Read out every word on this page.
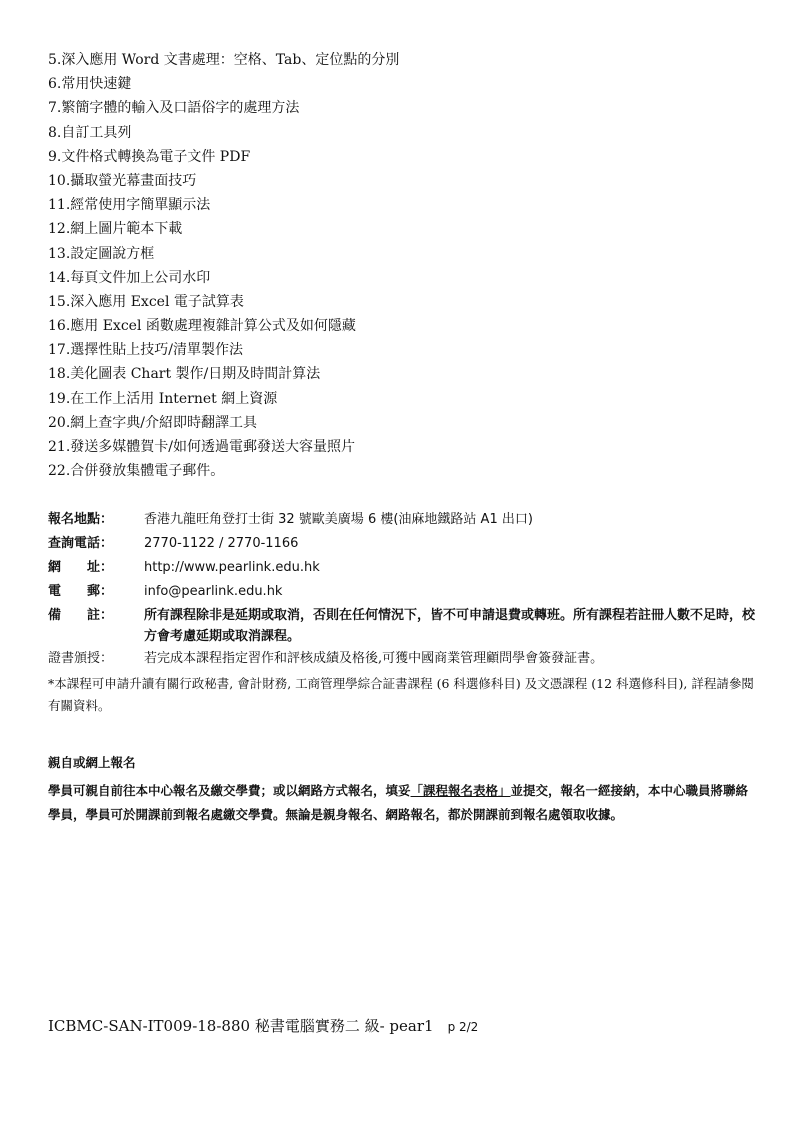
5.深入應用 Word 文書處理：空格、Tab、定位點的分別
6.常用快速鍵
7.繁簡字體的輸入及口語俗字的處理方法
8.自訂工具列
9.文件格式轉換為電子文件 PDF
10.攝取螢光幕畫面技巧
11.經常使用字簡單顯示法
12.網上圖片範本下載
13.設定圖說方框
14.每頁文件加上公司水印
15.深入應用 Excel 電子試算表
16.應用 Excel 函數處理複雜計算公式及如何隱藏
17.選擇性貼上技巧/清單製作法
18.美化圖表 Chart 製作/日期及時間計算法
19.在工作上活用 Internet 網上資源
20.網上查字典/介紹即時翻譯工具
21.發送多媒體賀卡/如何透過電郵發送大容量照片
22.合併發放集體電子郵件。
報名地點：	香港九龍旺角登打士街 32 號歐美廣場 6 樓(油麻地鐵路站 A1 出口)
查詢電話：	2770-1122 / 2770-1166
網　　址：	http://www.pearlink.edu.hk
電　　郵：	info@pearlink.edu.hk
備　　註：	所有課程除非是延期或取消，否則在任何情況下，皆不可申請退費或轉班。所有課程若註冊人數不足時，校方會考慮延期或取消課程。
證書頒授：	若完成本課程指定習作和評核成績及格後,可獲中國商業管理顧問學會簽發証書。
*本課程可申請升讀有關行政秘書, 會計財務, 工商管理學綜合証書課程 (6 科選修科目) 及文憑課程 (12 科選修科目), 詳程請參閱有關資料。
親自或網上報名
學員可親自前往本中心報名及繳交學費；或以網路方式報名，填妥「課程報名表格」並提交，報名一經接納，本中心職員將聯絡學員，學員可於開課前到報名處繳交學費。無論是親身報名、網路報名，都於開課前到報名處領取收據。
ICBMC-SAN-IT009-18-880 秘書電腦實務二 級- pear1 p 2/2
